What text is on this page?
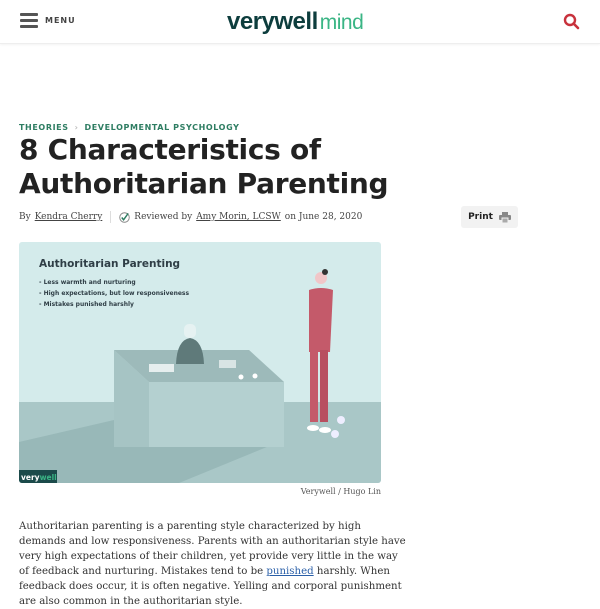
MENU	verywellmind
THEORIES › DEVELOPMENTAL PSYCHOLOGY
8 Characteristics of Authoritarian Parenting
By Kendra Cherry	Reviewed by Amy Morin, LCSW on June 28, 2020	Print
Authoritarian Parenting
- Less warmth and nurturing
- High expectations, but low responsiveness
- Mistakes punished harshly
verywell
Verywell / Hugo Lin
Authoritarian parenting is a parenting style characterized by high
demands and low responsiveness. Parents with an authoritarian style have
very high expectations of their children, yet provide very little in the way
of feedback and nurturing. Mistakes tend to be punished harshly. When
feedback does occur, it is often negative. Yelling and corporal punishment
are also common in the authoritarian style.
